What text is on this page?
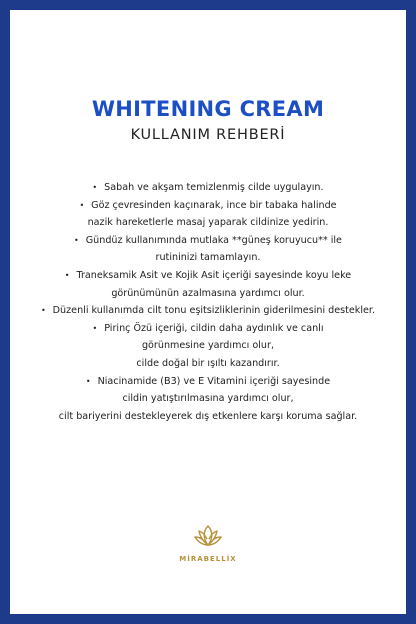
WHITENING CREAM
KULLANIM REHBERİ
• Sabah ve akşam temizlenmiş cilde uygulayın.
• Göz çevresinden kaçınarak, ince bir tabaka halinde
nazik hareketlerle masaj yaparak cildinize yedirin.
• Gündüz kullanımında mutlaka **güneş koruyucu** ile
rutininizi tamamlayın.
• Traneksamik Asit ve Kojik Asit içeriği sayesinde koyu leke
görünümünün azalmasına yardımcı olur.
• Düzenli kullanımda cilt tonu eşitsizliklerinin giderilmesini destekler.
• Pirinç Özü içeriği, cildin daha aydınlık ve canlı
görünmesine yardımcı olur,
cilde doğal bir ışıltı kazandırır.
• Niacinamide (B3) ve E Vitamini içeriği sayesinde
cildin yatıştırılmasına yardımcı olur,
cilt bariyerini destekleyerek dış etkenlere karşı koruma sağlar.
MİRABELLİX
